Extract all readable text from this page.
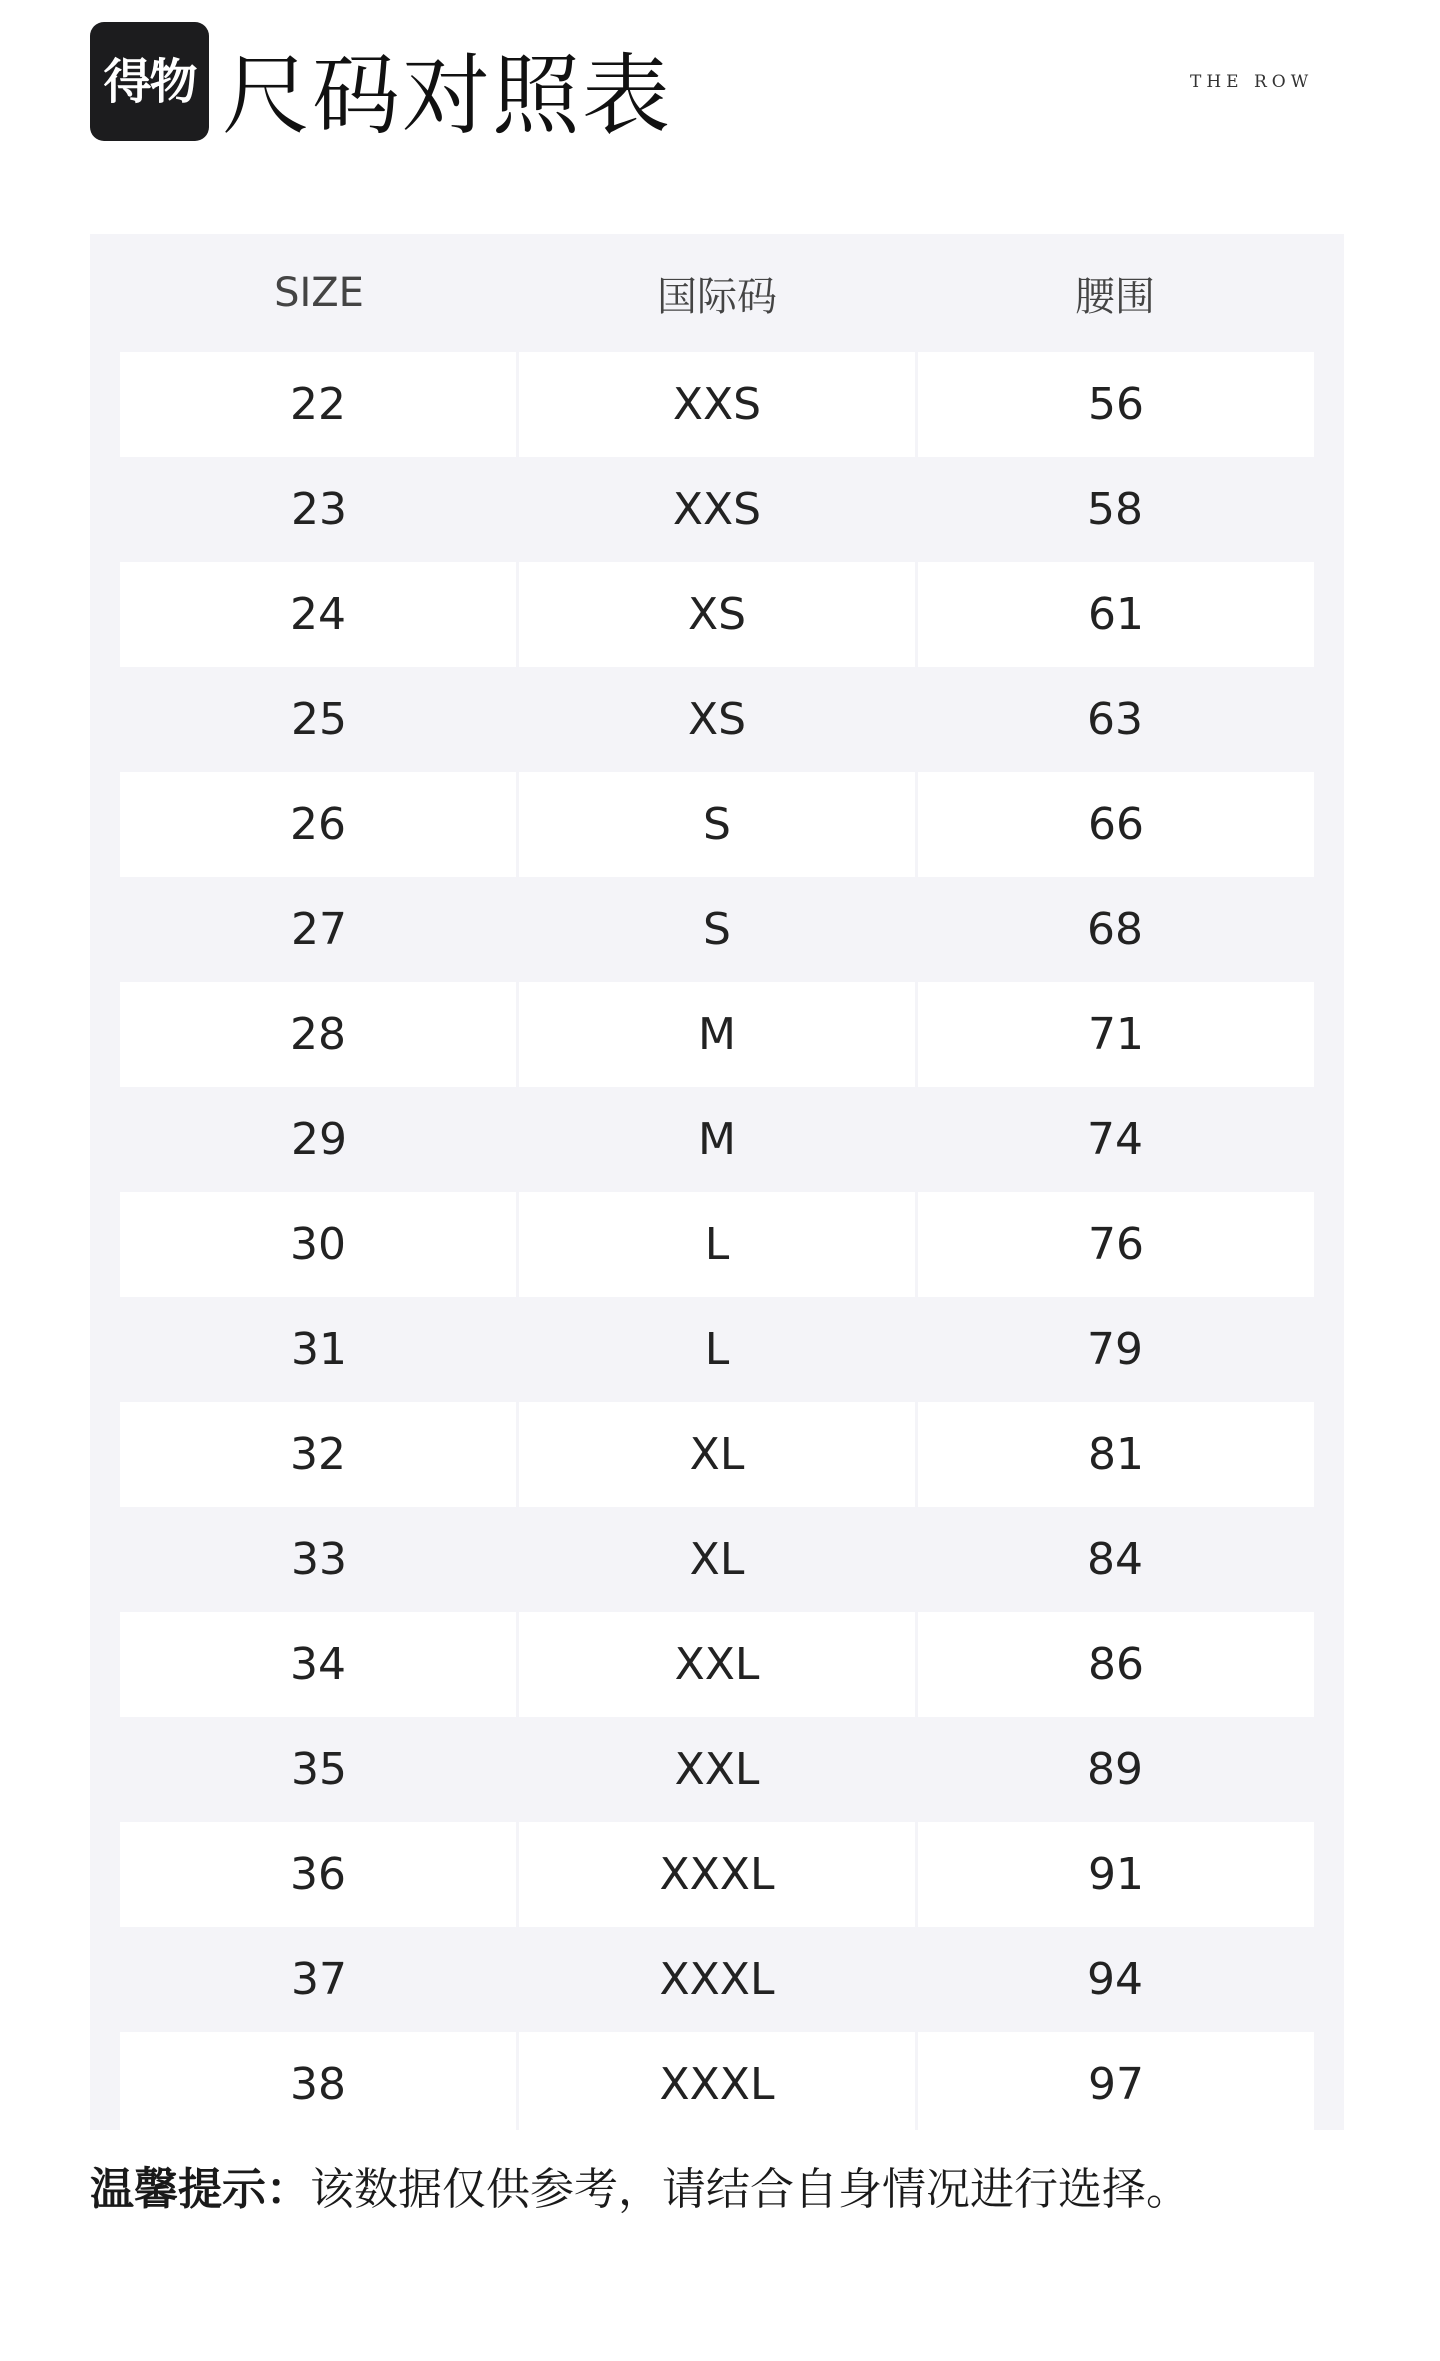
得物 尺码对照表	THE ROW
SIZE	国际码	腰围
22	XXS	56
23	XXS	58
24	XS	61
25	XS	63
26	S	66
27	S	68
28	M	71
29	M	74
30	L	76
31	L	79
32	XL	81
33	XL	84
34	XXL	86
35	XXL	89
36	XXXL	91
37	XXXL	94
38	XXXL	97
温馨提示：该数据仅供参考，请结合自身情况进行选择。
